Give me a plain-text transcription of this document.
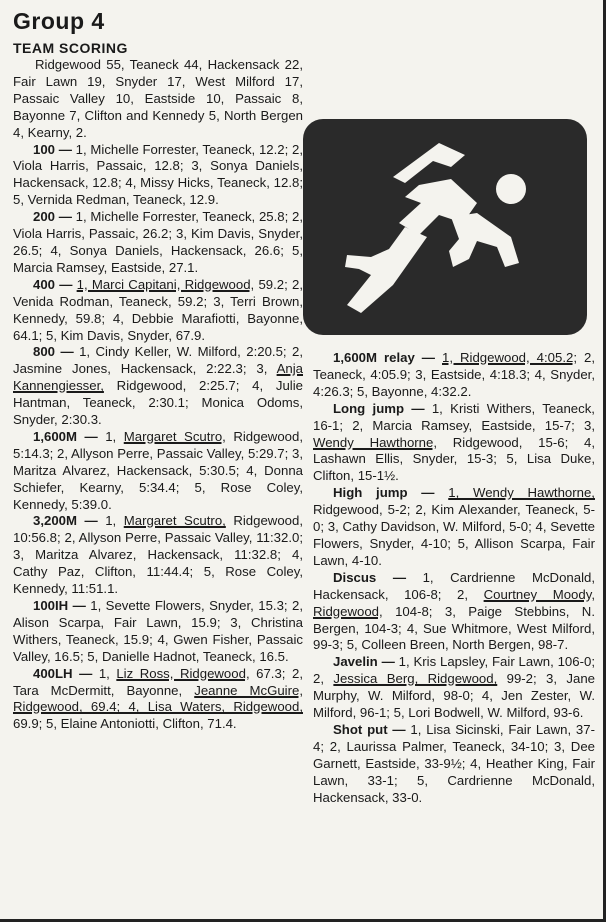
Group 4
TEAM SCORING

Ridgewood 55, Teaneck 44, Hackensack 22, Fair Lawn 19, Snyder 17, West Milford 17, Passaic Valley 10, Eastside 10, Passaic 8, Bayonne 7, Clifton and Kennedy 5, North Bergen 4, Kearny, 2.

100 — 1, Michelle Forrester, Teaneck, 12.2; 2, Viola Harris, Passaic, 12.8; 3, Sonya Daniels, Hackensack, 12.8; 4, Missy Hicks, Teaneck, 12.8; 5, Vernida Redman, Teaneck, 12.9.

200 — 1, Michelle Forrester, Teaneck, 25.8; 2, Viola Harris, Passaic, 26.2; 3, Kim Davis, Snyder, 26.5; 4, Sonya Daniels, Hackensack, 26.6; 5, Marcia Ramsey, Eastside, 27.1.

400 — 1, Marci Capitani, Ridgewood, 59.2; 2, Venida Rodman, Teaneck, 59.2; 3, Terri Brown, Kennedy, 59.8; 4, Debbie Marafiotti, Bayonne, 64.1; 5, Kim Davis, Snyder, 67.9.

800 — 1, Cindy Keller, W. Milford, 2:20.5; 2, Jasmine Jones, Hackensack, 2:22.3; 3, Anja Kannengiesser, Ridgewood, 2:25.7; 4, Julie Hantman, Teaneck, 2:30.1; Monica Odoms, Snyder, 2:30.3.

1,600M — 1, Margaret Scutro, Ridgewood, 5:14.3; 2, Allyson Perre, Passaic Valley, 5:29.7; 3, Maritza Alvarez, Hackensack, 5:30.5; 4, Donna Schiefer, Kearny, 5:34.4; 5, Rose Coley, Kennedy, 5:39.0.

3,200M — 1, Margaret Scutro, Ridgewood, 10:56.8; 2, Allyson Perre, Passaic Valley, 11:32.0; 3, Maritza Alvarez, Hackensack, 11:32.8; 4, Cathy Paz, Clifton, 11:44.4; 5, Rose Coley, Kennedy, 11:51.1.

100IH — 1, Sevette Flowers, Snyder, 15.3; 2, Alison Scarpa, Fair Lawn, 15.9; 3, Christina Withers, Teaneck, 15.9; 4, Gwen Fisher, Passaic Valley, 16.5; 5, Danielle Hadnot, Teaneck, 16.5.

400LH — 1, Liz Ross, Ridgewood, 67.3; 2, Tara McDermitt, Bayonne, Jeanne McGuire, Ridgewood, 69.4; 4, Lisa Waters, Ridgewood, 69.9; 5, Elaine Antoniotti, Clifton, 71.4.

1,600M relay — 1, Ridgewood, 4:05.2; 2, Teaneck, 4:05.9; 3, Eastside, 4:18.3; 4, Snyder, 4:26.3; 5, Bayonne, 4:32.2.

Long jump — 1, Kristi Withers, Teaneck, 16-1; 2, Marcia Ramsey, Eastside, 15-7; 3, Wendy Hawthorne, Ridgewood, 15-6; 4, Lashawn Ellis, Snyder, 15-3; 5, Lisa Duke, Clifton, 15-1½.

High jump — 1, Wendy Hawthorne, Ridgewood, 5-2; 2, Kim Alexander, Teaneck, 5-0; 3, Cathy Davidson, W. Milford, 5-0; 4, Sevette Flowers, Snyder, 4-10; 5, Allison Scarpa, Fair Lawn, 4-10.

Discus — 1, Cardrienne McDonald, Hackensack, 106-8; 2, Courtney Moody, Ridgewood, 104-8; 3, Paige Stebbins, N. Bergen, 104-3; 4, Sue Whitmore, West Milford, 99-3; 5, Colleen Breen, North Bergen, 98-7.

Javelin — 1, Kris Lapsley, Fair Lawn, 106-0; 2, Jessica Berg, Ridgewood, 99-2; 3, Jane Murphy, W. Milford, 98-0; 4, Jen Zester, W. Milford, 96-1; 5, Lori Bodwell, W. Milford, 93-6.

Shot put — 1, Lisa Sicinski, Fair Lawn, 37-4; 2, Laurissa Palmer, Teaneck, 34-10; 3, Dee Garnett, Eastside, 33-9½; 4, Heather King, Fair Lawn, 33-1; 5, Cardrienne McDonald, Hackensack, 33-0.
